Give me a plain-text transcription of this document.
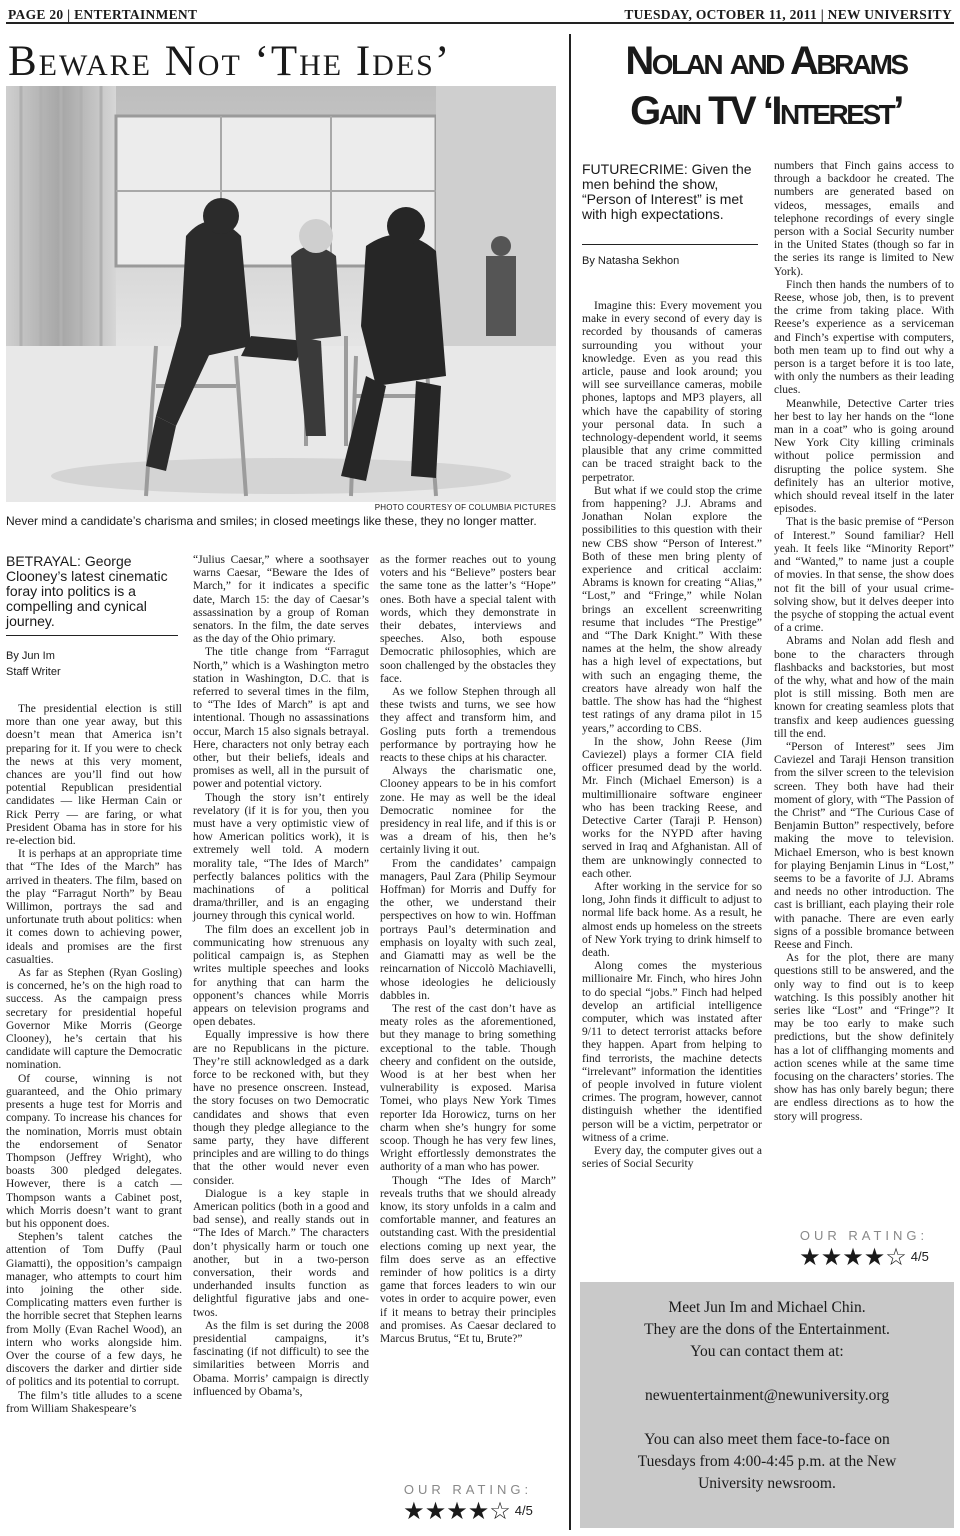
PAGE 20 | ENTERTAINMENT	TUESDAY, OCTOBER 11, 2011 | NEW UNIVERSITY
Beware Not ‘The Ides’
PHOTO COURTESY OF COLUMBIA PICTURES
Never mind a candidate’s charisma and smiles; in closed meetings like these, they no longer matter.
BETRAYAL: George Clooney’s latest cinematic foray into politics is a compelling and cynical journey.
By Jun Im
Staff Writer

The presidential election is still more than one year away, but this doesn’t mean that America isn’t preparing for it. If you were to check the news at this very moment, chances are you’ll find out how potential Republican presidential candidates — like Herman Cain or Rick Perry — are faring, or what President Obama has in store for his re-election bid.

It is perhaps at an appropriate time that “The Ides of the March” has arrived in theaters. The film, based on the play “Farragut North” by Beau Willimon, portrays the sad and unfortunate truth about politics: when it comes down to achieving power, ideals and promises are the first casualties.

As far as Stephen (Ryan Gosling) is concerned, he’s on the high road to success. As the campaign press secretary for presidential hopeful Governor Mike Morris (George Clooney), he’s certain that his candidate will capture the Democratic nomination.

Of course, winning is not guaranteed, and the Ohio primary presents a huge test for Morris and company. To increase his chances for the nomination, Morris must obtain the endorsement of Senator Thompson (Jeffrey Wright), who boasts 300 pledged delegates. However, there is a catch — Thompson wants a Cabinet post, which Morris doesn’t want to grant but his opponent does.

Stephen’s talent catches the attention of Tom Duffy (Paul Giamatti), the opposition’s campaign manager, who attempts to court him into joining the other side. Complicating matters even further is the horrible secret that Stephen learns from Molly (Evan Rachel Wood), an intern who works alongside him. Over the course of a few days, he discovers the darker and dirtier side of politics and its potential to corrupt.

The film’s title alludes to a scene from William Shakespeare’s

“Julius Caesar,” where a soothsayer warns Caesar, “Beware the Ides of March,” for it indicates a specific date, March 15: the day of Caesar’s assassination by a group of Roman senators. In the film, the date serves as the day of the Ohio primary.

The title change from “Farragut North,” which is a Washington metro station in Washington, D.C. that is referred to several times in the film, to “The Ides of March” is apt and intentional. Though no assassinations occur, March 15 also signals betrayal. Here, characters not only betray each other, but their beliefs, ideals and promises as well, all in the pursuit of power and potential victory.

Though the story isn’t entirely revelatory (if it is for you, then you must have a very optimistic view of how American politics work), it is extremely well told. A modern morality tale, “The Ides of March” perfectly balances politics with the machinations of a political drama/thriller, and is an engaging journey through this cynical world.

The film does an excellent job in communicating how strenuous any political campaign is, as Stephen writes multiple speeches and looks for anything that can harm the opponent’s chances while Morris appears on television programs and open debates.

Equally impressive is how there are no Republicans in the picture. They’re still acknowledged as a dark force to be reckoned with, but they have no presence onscreen. Instead, the story focuses on two Democratic candidates and shows that even though they pledge allegiance to the same party, they have different principles and are willing to do things that the other would never even consider.

Dialogue is a key staple in American politics (both in a good and bad sense), and really stands out in “The Ides of March.” The characters don’t physically harm or touch one another, but in a two-person conversation, their words and underhanded insults function as delightful figurative jabs and one-twos.

As the film is set during the 2008 presidential campaigns, it’s fascinating (if not difficult) to see the similarities between Morris and Obama. Morris’ campaign is directly influenced by Obama’s,

as the former reaches out to young voters and his “Believe” posters bear the same tone as the latter’s “Hope” ones. Both have a special talent with words, which they demonstrate in their debates, interviews and speeches. Also, both espouse Democratic philosophies, which are soon challenged by the obstacles they face.

As we follow Stephen through all these twists and turns, we see how they affect and transform him, and Gosling puts forth a tremendous performance by portraying how he reacts to these chips at his character.

Always the charismatic one, Clooney appears to be in his comfort zone. He may as well be the ideal Democratic nominee for the presidency in real life, and if this is or was a dream of his, then he’s certainly living it out.

From the candidates’ campaign managers, Paul Zara (Philip Seymour Hoffman) for Morris and Duffy for the other, we understand their perspectives on how to win. Hoffman portrays Paul’s determination and emphasis on loyalty with such zeal, and Giamatti may as well be the reincarnation of Niccolò Machiavelli, whose ideologies he deliciously dabbles in.

The rest of the cast don’t have as meaty roles as the aforementioned, but they manage to bring something exceptional to the table. Though cheery and confident on the outside, Wood is at her best when her vulnerability is exposed. Marisa Tomei, who plays New York Times reporter Ida Horowicz, turns on her charm when she’s hungry for some scoop. Though he has very few lines, Wright effortlessly demonstrates the authority of a man who has power.

Though “The Ides of March” reveals truths that we should already know, its story unfolds in a calm and comfortable manner, and features an outstanding cast. With the presidential elections coming up next year, the film does serve as an effective reminder of how politics is a dirty game that forces leaders to win our votes in order to acquire power, even if it means to betray their principles and promises. As Caesar declared to Marcus Brutus, “Et tu, Brute?”

OUR RATING:
★★★★☆ 4/5
Nolan and Abrams
Gain TV ‘Interest’
FUTURECRIME: Given the men behind the show, “Person of Interest” is met with high expectations.
By Natasha Sekhon

Imagine this: Every movement you make in every second of every day is recorded by thousands of cameras surrounding you without your knowledge. Even as you read this article, pause and look around; you will see surveillance cameras, mobile phones, laptops and MP3 players, all which have the capability of storing your personal data. In such a technology-dependent world, it seems plausible that any crime committed can be traced straight back to the perpetrator.

But what if we could stop the crime from happening? J.J. Abrams and Jonathan Nolan explore the possibilities to this question with their new CBS show “Person of Interest.” Both of these men bring plenty of experience and critical acclaim: Abrams is known for creating “Alias,” “Lost,” and “Fringe,” while Nolan brings an excellent screenwriting resume that includes “The Prestige” and “The Dark Knight.” With these names at the helm, the show already has a high level of expectations, but with such an engaging theme, the creators have already won half the battle. The show has had the “highest test ratings of any drama pilot in 15 years,” according to CBS.

In the show, John Reese (Jim Caviezel) plays a former CIA field officer presumed dead by the world. Mr. Finch (Michael Emerson) is a multimillionaire software engineer who has been tracking Reese, and Detective Carter (Taraji P. Henson) works for the NYPD after having served in Iraq and Afghanistan. All of them are unknowingly connected to each other.

After working in the service for so long, John finds it difficult to adjust to normal life back home. As a result, he almost ends up homeless on the streets of New York trying to drink himself to death.

Along comes the mysterious millionaire Mr. Finch, who hires John to do special “jobs.” Finch had helped develop an artificial intelligence computer, which was instated after 9/11 to detect terrorist attacks before they happen. Apart from helping to find terrorists, the machine detects “irrelevant” information the identities of people involved in future violent crimes. The program, however, cannot distinguish whether the identified person will be a victim, perpetrator or witness of a crime.

Every day, the computer gives out a series of Social Security

numbers that Finch gains access to through a backdoor he created. The numbers are generated based on videos, messages, emails and telephone recordings of every single person with a Social Security number in the United States (though so far in the series its range is limited to New York).

Finch then hands the numbers of to Reese, whose job, then, is to prevent the crime from taking place. With Reese’s experience as a serviceman and Finch’s expertise with computers, both men team up to find out why a person is a target before it is too late, with only the numbers as their leading clues.

Meanwhile, Detective Carter tries her best to lay her hands on the “lone man in a coat” who is going around New York City killing criminals without police permission and disrupting the police system. She definitely has an ulterior motive, which should reveal itself in the later episodes.

That is the basic premise of “Person of Interest.” Sound familiar? Hell yeah. It feels like “Minority Report” and “Wanted,” to name just a couple of movies. In that sense, the show does not fit the bill of your usual crime-solving show, but it delves deeper into the psyche of stopping the actual event of a crime.

Abrams and Nolan add flesh and bone to the characters through flashbacks and backstories, but most of the why, what and how of the main plot is still missing. Both men are known for creating seamless plots that transfix and keep audiences guessing till the end.

“Person of Interest” sees Jim Caviezel and Taraji Henson transition from the silver screen to the television screen. They both have had their moment of glory, with “The Passion of the Christ” and “The Curious Case of Benjamin Button” respectively, before making the move to television. Michael Emerson, who is best known for playing Benjamin Linus in “Lost,” seems to be a favorite of J.J. Abrams and needs no other introduction. The cast is brilliant, each playing their role with panache. There are even early signs of a possible bromance between Reese and Finch.

As for the plot, there are many questions still to be answered, and the only way to find out is to keep watching. Is this possibly another hit series like “Lost” and “Fringe”? It may be too early to make such predictions, but the show definitely has a lot of cliffhanging moments and action scenes while at the same time focusing on the characters’ stories. The show has has only barely begun; there are endless directions as to how the story will progress.

OUR RATING:
★★★★☆ 4/5
Meet Jun Im and Michael Chin.
They are the dons of the Entertainment.
You can contact them at:
newuentertainment@newuniversity.org
You can also meet them face-to-face on
Tuesdays from 4:00-4:45 p.m. at the New
University newsroom.
